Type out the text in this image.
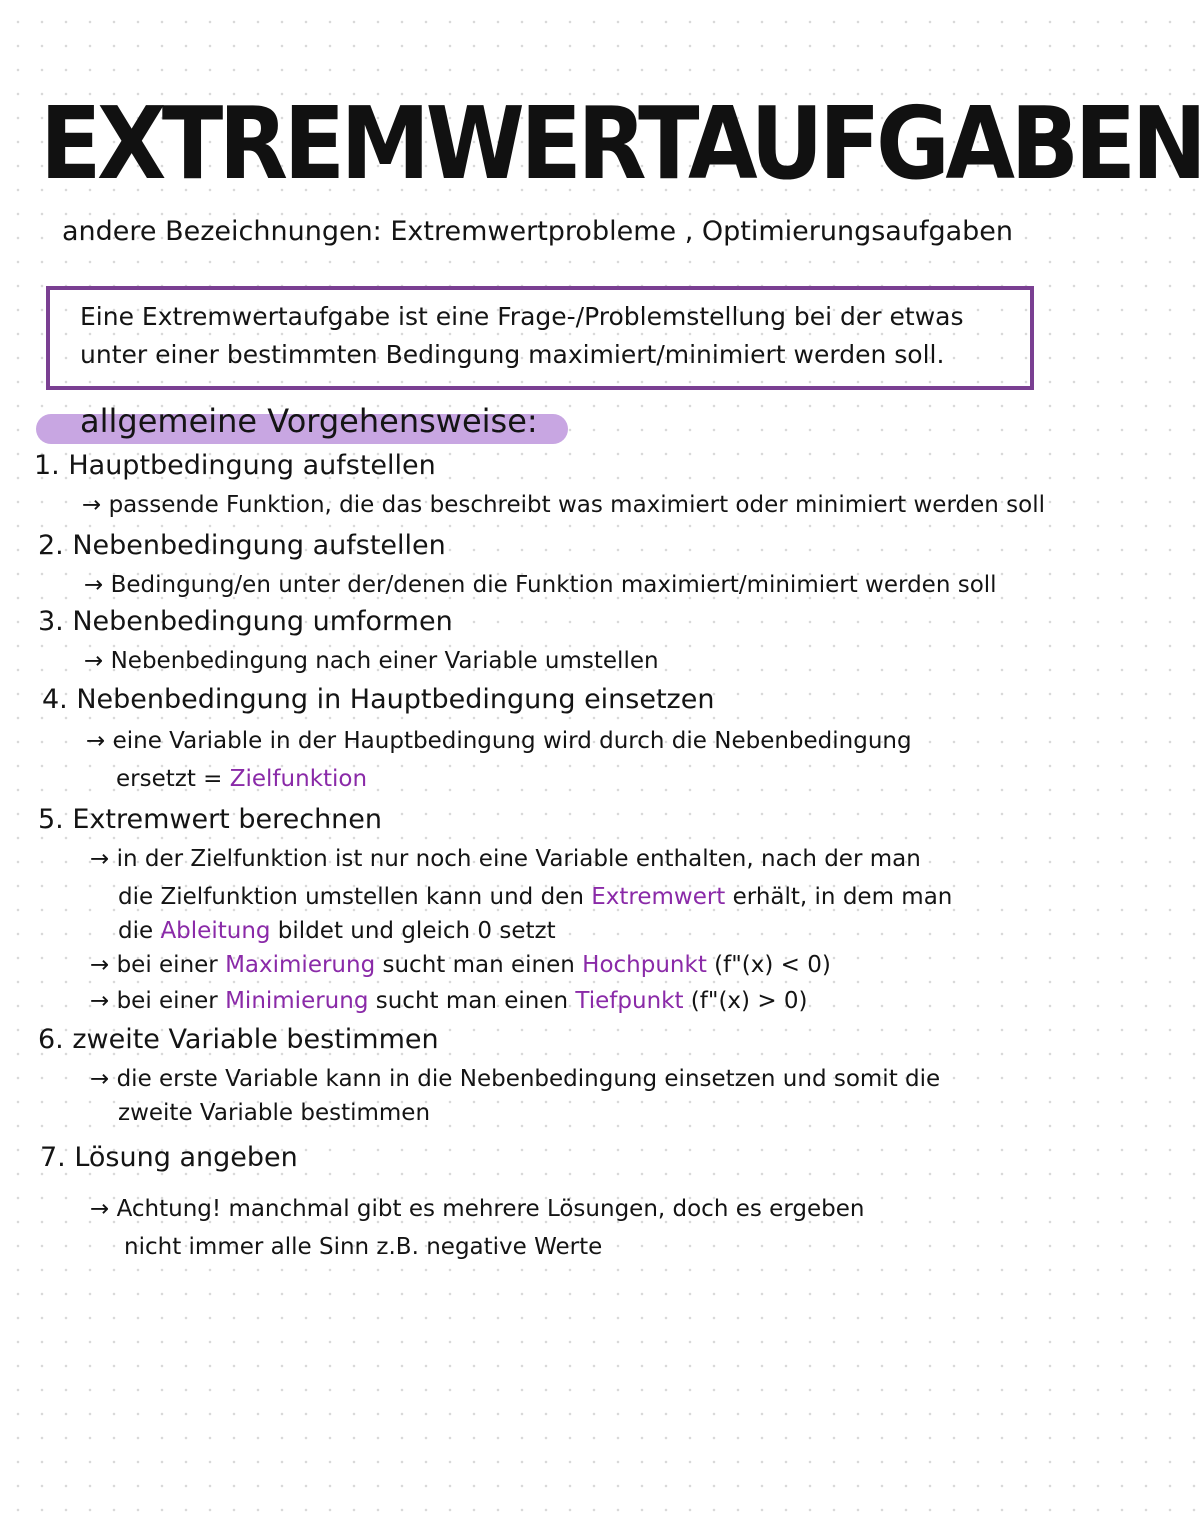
EXTREMWERTAUFGABEN
andere Bezeichnungen: Extremwertprobleme , Optimierungsaufgaben
Eine Extremwertaufgabe ist eine Frage-/Problemstellung bei der etwas
unter einer bestimmten Bedingung maximiert/minimiert werden soll.
allgemeine Vorgehensweise:
1. Hauptbedingung aufstellen
→ passende Funktion, die das beschreibt was maximiert oder minimiert werden soll
2. Nebenbedingung aufstellen
→ Bedingung/en unter der/denen die Funktion maximiert/minimiert werden soll
3. Nebenbedingung umformen
→ Nebenbedingung nach einer Variable umstellen
4. Nebenbedingung in Hauptbedingung einsetzen
→ eine Variable in der Hauptbedingung wird durch die Nebenbedingung
ersetzt = Zielfunktion
5. Extremwert berechnen
→ in der Zielfunktion ist nur noch eine Variable enthalten, nach der man
die Zielfunktion umstellen kann und den Extremwert erhält, in dem man
die Ableitung bildet und gleich 0 setzt
→ bei einer Maximierung sucht man einen Hochpunkt (f"(x) < 0)
→ bei einer Minimierung sucht man einen Tiefpunkt (f"(x) > 0)
6. zweite Variable bestimmen
→ die erste Variable kann in die Nebenbedingung einsetzen und somit die
zweite Variable bestimmen
7. Lösung angeben
→ Achtung! manchmal gibt es mehrere Lösungen, doch es ergeben
nicht immer alle Sinn z.B. negative Werte
